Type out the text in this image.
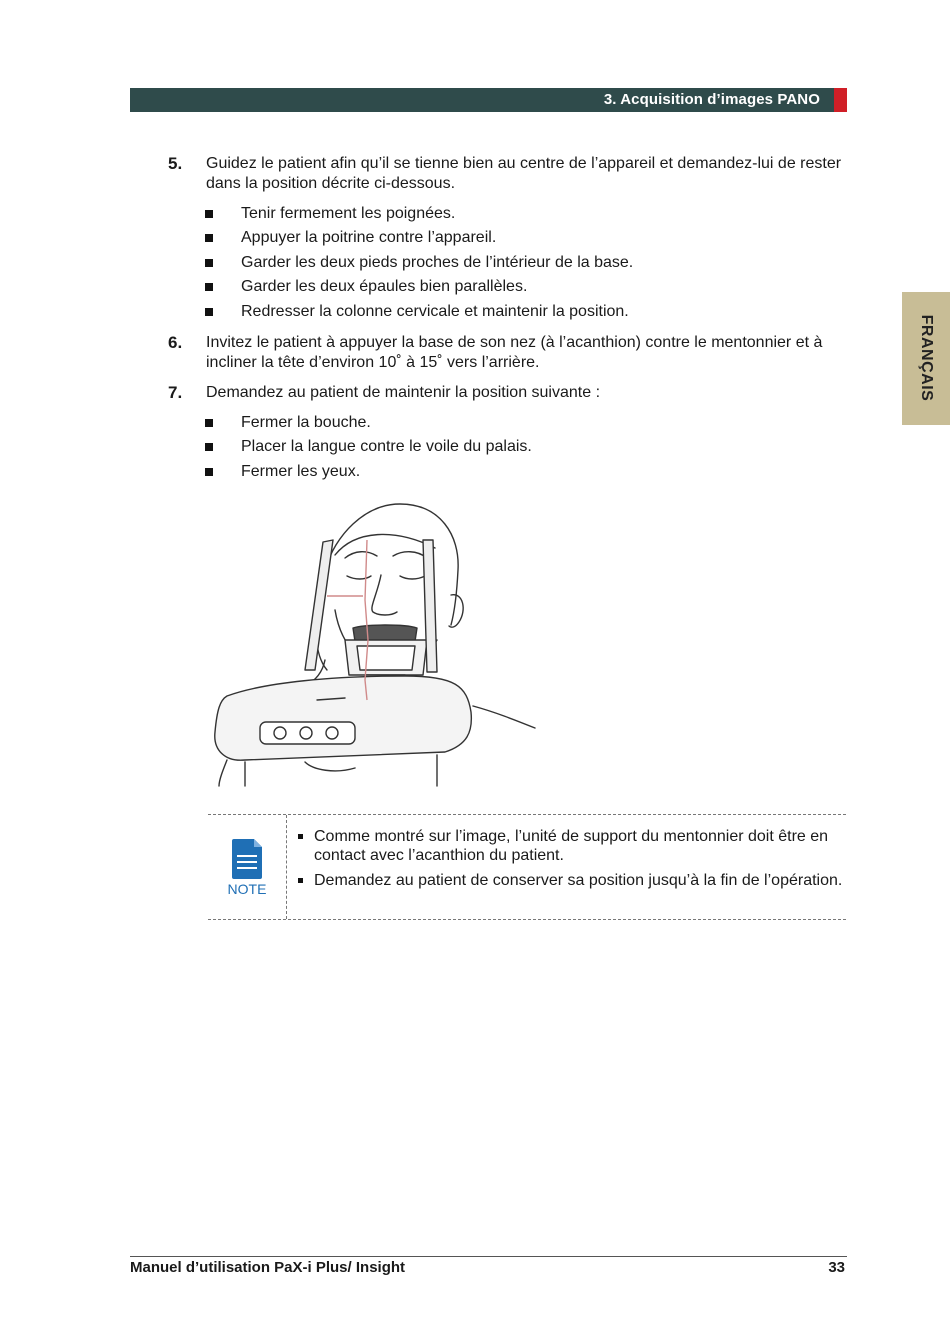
3. Acquisition d’images PANO
FRANÇAIS
5. Guidez le patient afin qu’il se tienne bien au centre de l’appareil et demandez-lui de rester dans la position décrite ci-dessous.
Tenir fermement les poignées.
Appuyer la poitrine contre l’appareil.
Garder les deux pieds proches de l’intérieur de la base.
Garder les deux épaules bien parallèles.
Redresser la colonne cervicale et maintenir la position.
6. Invitez le patient à appuyer la base de son nez (à l’acanthion) contre le mentonnier et à incliner la tête d’environ 10˚ à 15˚ vers l’arrière.
7. Demandez au patient de maintenir la position suivante :
Fermer la bouche.
Placer la langue contre le voile du palais.
Fermer les yeux.
NOTE
Comme montré sur l’image, l’unité de support du mentonnier doit être en contact avec l’acanthion du patient.
Demandez au patient de conserver sa position jusqu’à la fin de l’opération.
Manuel d’utilisation PaX-i Plus/ Insight	33
